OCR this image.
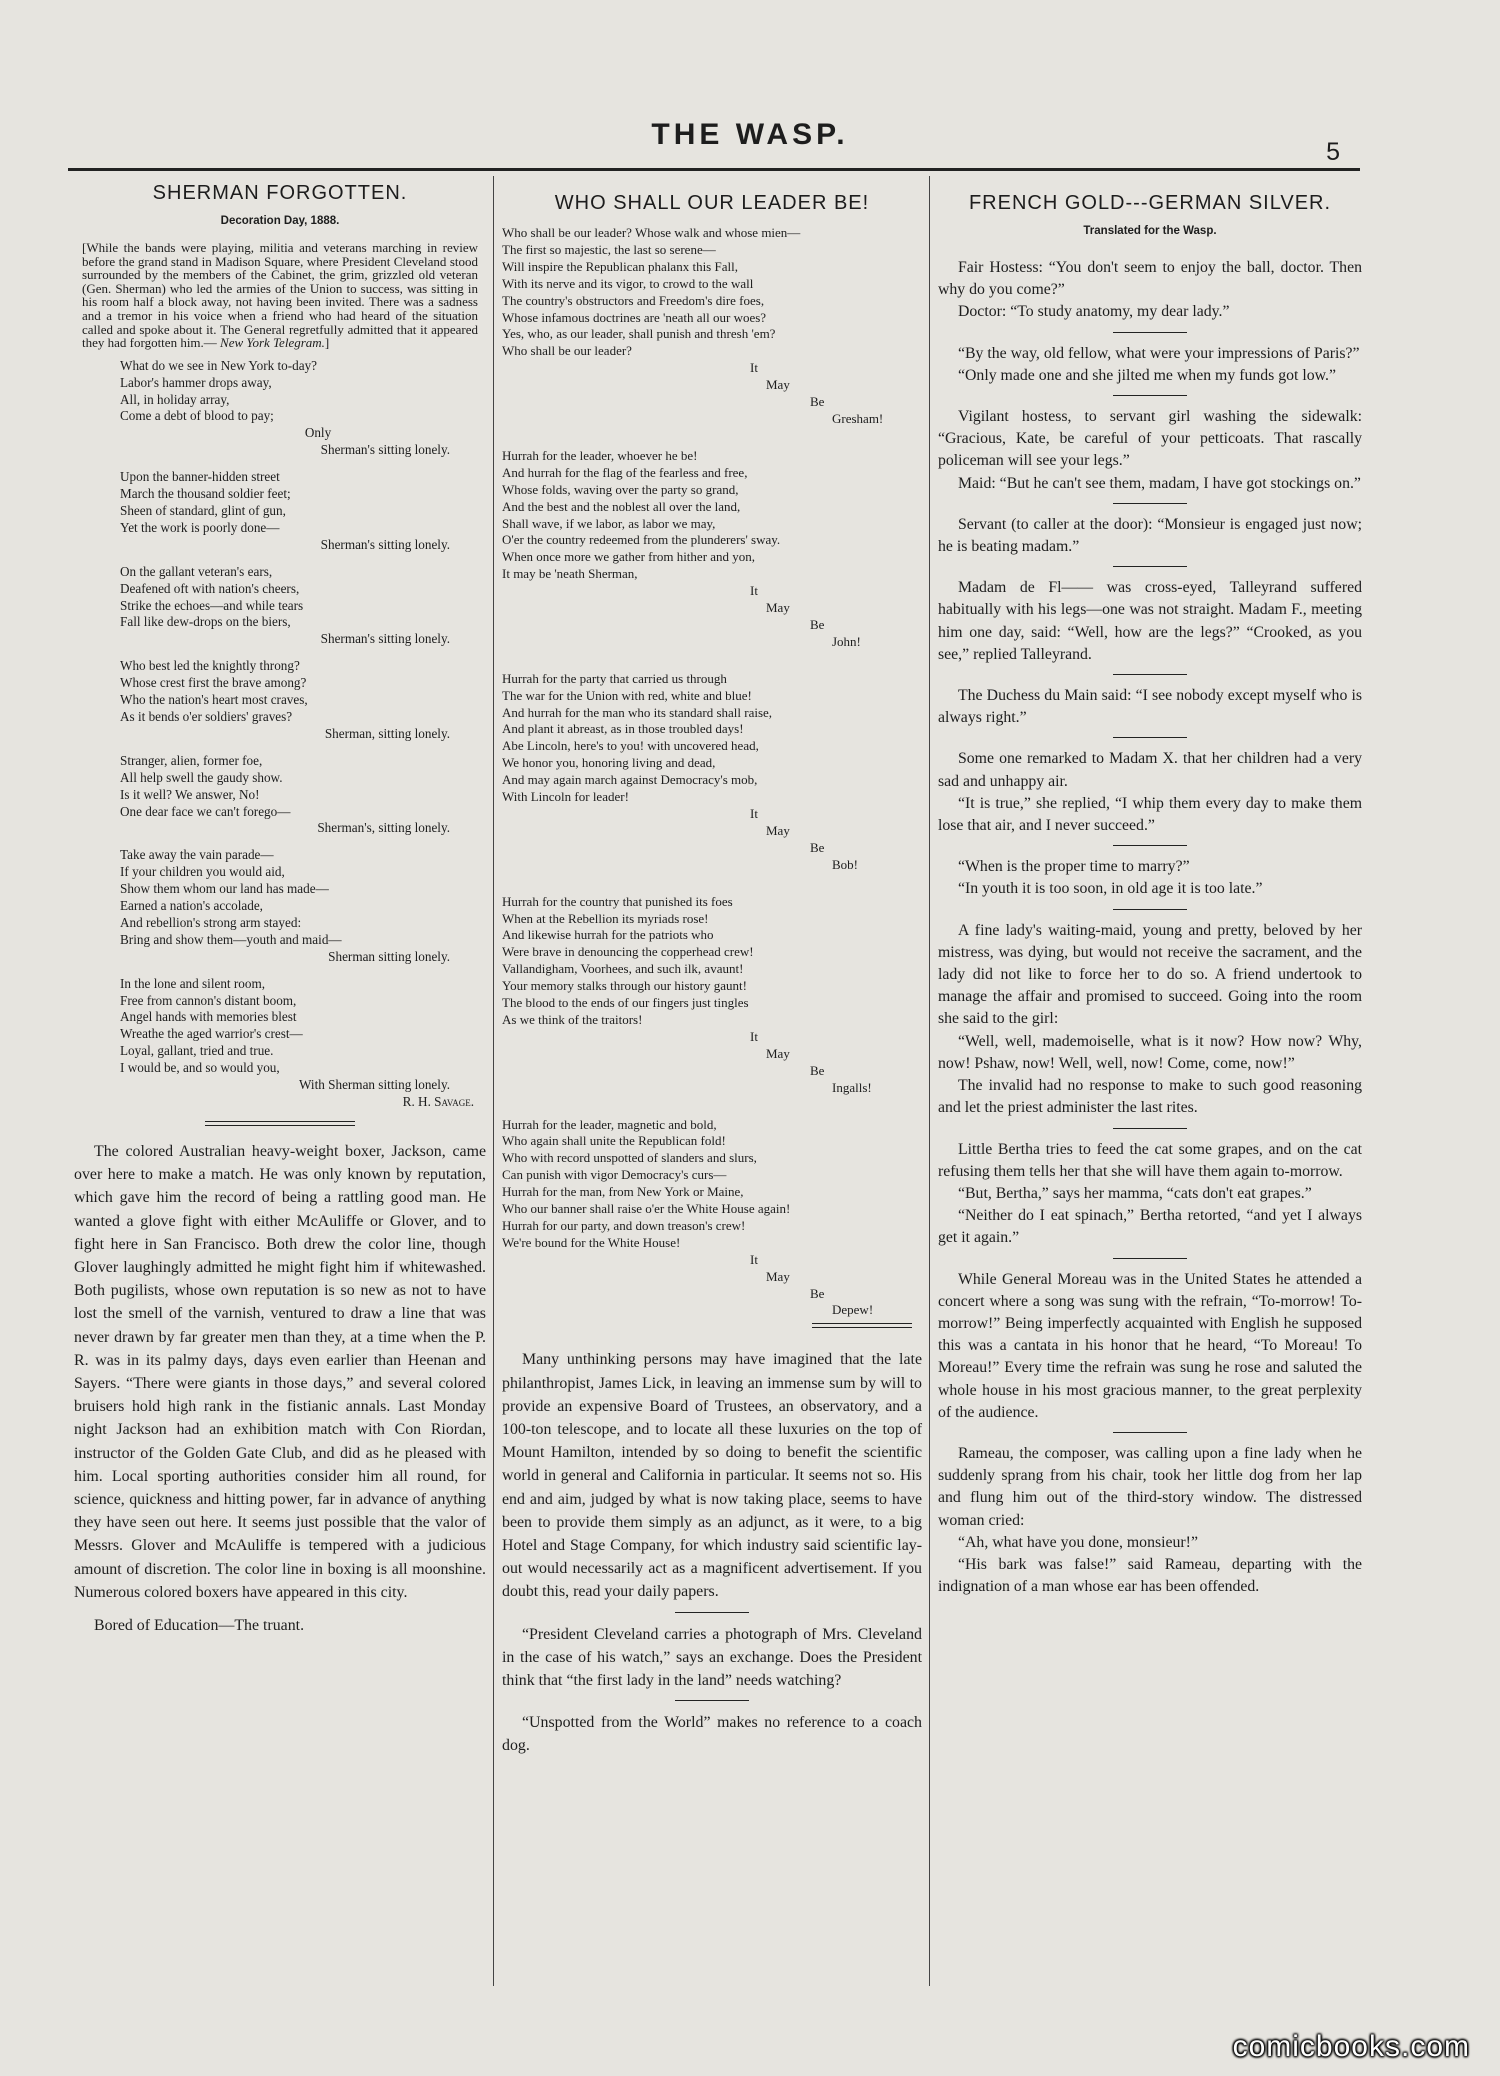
THE WASP.
5
SHERMAN FORGOTTEN.
Decoration Day, 1888.
[While the bands were playing, militia and veterans marching in review before the grand stand in Madison Square, where President Cleveland stood surrounded by the members of the Cabinet, the grim, grizzled old veteran (Gen. Sherman) who led the armies of the Union to success, was sitting in his room half a block away, not having been invited. There was a sadness and a tremor in his voice when a friend who had heard of the situation called and spoke about it. The General regretfully admitted that it appeared they had forgotten him.— New York Telegram.]
What do we see in New York to-day?
Labor's hammer drops away,
All, in holiday array,
Come a debt of blood to pay;
Only
Sherman's sitting lonely.
Upon the banner-hidden street
March the thousand soldier feet;
Sheen of standard, glint of gun,
Yet the work is poorly done—
Sherman's sitting lonely.
On the gallant veteran's ears,
Deafened oft with nation's cheers,
Strike the echoes—and while tears
Fall like dew-drops on the biers,
Sherman's sitting lonely.
Who best led the knightly throng?
Whose crest first the brave among?
Who the nation's heart most craves,
As it bends o'er soldiers' graves?
Sherman, sitting lonely.
Stranger, alien, former foe,
All help swell the gaudy show.
Is it well? We answer, No!
One dear face we can't forego—
Sherman's, sitting lonely.
Take away the vain parade—
If your children you would aid,
Show them whom our land has made—
Earned a nation's accolade,
And rebellion's strong arm stayed:
Bring and show them—youth and maid—
Sherman sitting lonely.
In the lone and silent room,
Free from cannon's distant boom,
Angel hands with memories blest
Wreathe the aged warrior's crest—
Loyal, gallant, tried and true.
I would be, and so would you,
With Sherman sitting lonely.
R. H. Savage.

The colored Australian heavy-weight boxer, Jackson, came over here to make a match. He was only known by reputation, which gave him the record of being a rattling good man. He wanted a glove fight with either McAuliffe or Glover, and to fight here in San Francisco. Both drew the color line, though Glover laughingly admitted he might fight him if whitewashed. Both pugilists, whose own reputation is so new as not to have lost the smell of the varnish, ventured to draw a line that was never drawn by far greater men than they, at a time when the P. R. was in its palmy days, days even earlier than Heenan and Sayers. “There were giants in those days,” and several colored bruisers hold high rank in the fistianic annals. Last Monday night Jackson had an exhibition match with Con Riordan, instructor of the Golden Gate Club, and did as he pleased with him. Local sporting authorities consider him all round, for science, quickness and hitting power, far in advance of anything they have seen out here. It seems just possible that the valor of Messrs. Glover and McAuliffe is tempered with a judicious amount of discretion. The color line in boxing is all moonshine. Numerous colored boxers have appeared in this city.

Bored of Education—The truant.

WHO SHALL OUR LEADER BE!
Who shall be our leader? Whose walk and whose mien—
The first so majestic, the last so serene—
Will inspire the Republican phalanx this Fall,
With its nerve and its vigor, to crowd to the wall
The country's obstructors and Freedom's dire foes,
Whose infamous doctrines are 'neath all our woes?
Yes, who, as our leader, shall punish and thresh 'em?
Who shall be our leader?
It
May
Be
Gresham!
Hurrah for the leader, whoever he be!
And hurrah for the flag of the fearless and free,
Whose folds, waving over the party so grand,
And the best and the noblest all over the land,
Shall wave, if we labor, as labor we may,
O'er the country redeemed from the plunderers' sway.
When once more we gather from hither and yon,
It may be 'neath Sherman,
It
May
Be
John!
Hurrah for the party that carried us through
The war for the Union with red, white and blue!
And hurrah for the man who its standard shall raise,
And plant it abreast, as in those troubled days!
Abe Lincoln, here's to you! with uncovered head,
We honor you, honoring living and dead,
And may again march against Democracy's mob,
With Lincoln for leader!
It
May
Be
Bob!
Hurrah for the country that punished its foes
When at the Rebellion its myriads rose!
And likewise hurrah for the patriots who
Were brave in denouncing the copperhead crew!
Vallandigham, Voorhees, and such ilk, avaunt!
Your memory stalks through our history gaunt!
The blood to the ends of our fingers just tingles
As we think of the traitors!
It
May
Be
Ingalls!
Hurrah for the leader, magnetic and bold,
Who again shall unite the Republican fold!
Who with record unspotted of slanders and slurs,
Can punish with vigor Democracy's curs—
Hurrah for the man, from New York or Maine,
Who our banner shall raise o'er the White House again!
Hurrah for our party, and down treason's crew!
We're bound for the White House!
It
May
Be
Depew!

Many unthinking persons may have imagined that the late philanthropist, James Lick, in leaving an immense sum by will to provide an expensive Board of Trustees, an observatory, and a 100-ton telescope, and to locate all these luxuries on the top of Mount Hamilton, intended by so doing to benefit the scientific world in general and California in particular. It seems not so. His end and aim, judged by what is now taking place, seems to have been to provide them simply as an adjunct, as it were, to a big Hotel and Stage Company, for which industry said scientific lay-out would necessarily act as a magnificent advertisement. If you doubt this, read your daily papers.

“President Cleveland carries a photograph of Mrs. Cleveland in the case of his watch,” says an exchange. Does the President think that “the first lady in the land” needs watching?

“Unspotted from the World” makes no reference to a coach dog.

FRENCH GOLD---GERMAN SILVER.
Translated for the Wasp.

Fair Hostess: “You don't seem to enjoy the ball, doctor. Then why do you come?”

Doctor: “To study anatomy, my dear lady.”

“By the way, old fellow, what were your impressions of Paris?”

“Only made one and she jilted me when my funds got low.”

Vigilant hostess, to servant girl washing the sidewalk: “Gracious, Kate, be careful of your petticoats. That rascally policeman will see your legs.”

Maid: “But he can't see them, madam, I have got stockings on.”

Servant (to caller at the door): “Monsieur is engaged just now; he is beating madam.”

Madam de Fl—— was cross-eyed, Talleyrand suffered habitually with his legs—one was not straight. Madam F., meeting him one day, said: “Well, how are the legs?” “Crooked, as you see,” replied Talleyrand.

The Duchess du Main said: “I see nobody except myself who is always right.”

Some one remarked to Madam X. that her children had a very sad and unhappy air.

“It is true,” she replied, “I whip them every day to make them lose that air, and I never succeed.”

“When is the proper time to marry?”

“In youth it is too soon, in old age it is too late.”

A fine lady's waiting-maid, young and pretty, beloved by her mistress, was dying, but would not receive the sacrament, and the lady did not like to force her to do so. A friend undertook to manage the affair and promised to succeed. Going into the room she said to the girl:

“Well, well, mademoiselle, what is it now? How now? Why, now! Pshaw, now! Well, well, now! Come, come, now!”

The invalid had no response to make to such good reasoning and let the priest administer the last rites.

Little Bertha tries to feed the cat some grapes, and on the cat refusing them tells her that she will have them again to-morrow.

“But, Bertha,” says her mamma, “cats don't eat grapes.”

“Neither do I eat spinach,” Bertha retorted, “and yet I always get it again.”

While General Moreau was in the United States he attended a concert where a song was sung with the refrain, “To-morrow! To-morrow!” Being imperfectly acquainted with English he supposed this was a cantata in his honor that he heard, “To Moreau! To Moreau!” Every time the refrain was sung he rose and saluted the whole house in his most gracious manner, to the great perplexity of the audience.

Rameau, the composer, was calling upon a fine lady when he suddenly sprang from his chair, took her little dog from her lap and flung him out of the third-story window. The distressed woman cried:

“Ah, what have you done, monsieur!”

“His bark was false!” said Rameau, departing with the indignation of a man whose ear has been offended.

comicbooks.com
